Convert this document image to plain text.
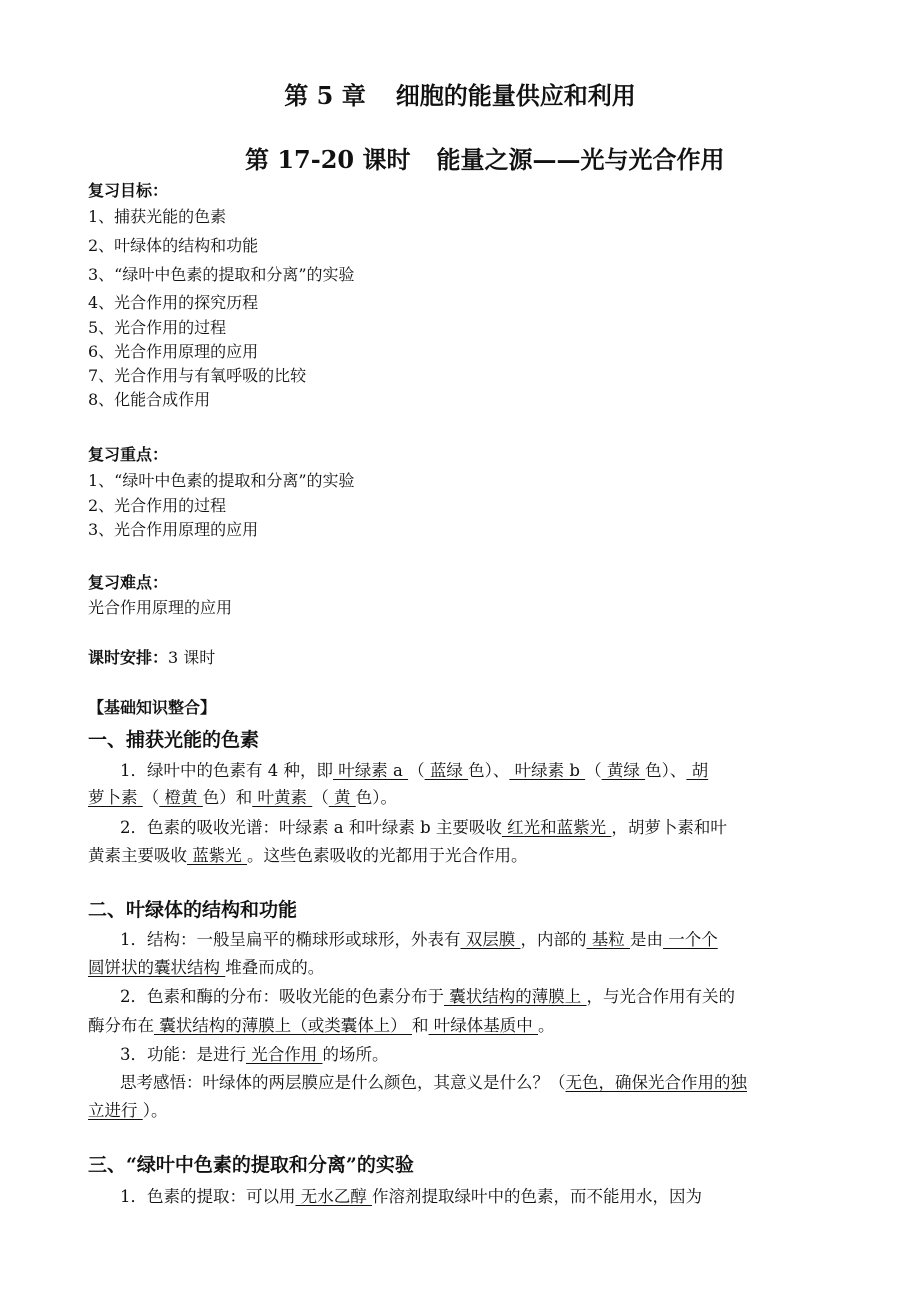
第 5 章 细胞的能量供应和利用
第 17-20 课时 能量之源——光与光合作用
复习目标：
1、捕获光能的色素
2、叶绿体的结构和功能
3、“绿叶中色素的提取和分离”的实验
4、光合作用的探究历程
5、光合作用的过程
6、光合作用原理的应用
7、光合作用与有氧呼吸的比较
8、化能合成作用
复习重点：
1、“绿叶中色素的提取和分离”的实验
2、光合作用的过程
3、光合作用原理的应用
复习难点：
光合作用原理的应用
课时安排：3 课时
【基础知识整合】
一、捕获光能的色素
1．绿叶中的色素有 4 种，即 叶绿素 a （ 蓝绿 色）、 叶绿素 b （ 黄绿 色）、 胡
萝卜素 （ 橙黄 色）和 叶黄素 （ 黄 色）。
2．色素的吸收光谱：叶绿素 a 和叶绿素 b 主要吸收 红光和蓝紫光 ，胡萝卜素和叶
黄素主要吸收 蓝紫光 。这些色素吸收的光都用于光合作用。
二、叶绿体的结构和功能
1．结构：一般呈扁平的椭球形或球形，外表有 双层膜 ，内部的 基粒 是由 一个个
圆饼状的囊状结构 堆叠而成的。
2．色素和酶的分布：吸收光能的色素分布于 囊状结构的薄膜上 ，与光合作用有关的
酶分布在 囊状结构的薄膜上（或类囊体上） 和 叶绿体基质中 。
3．功能：是进行 光合作用 的场所。
思考感悟：叶绿体的两层膜应是什么颜色，其意义是什么？（无色，确保光合作用的独
立进行 ）。
三、“绿叶中色素的提取和分离”的实验
1．色素的提取：可以用 无水乙醇 作溶剂提取绿叶中的色素，而不能用水，因为
